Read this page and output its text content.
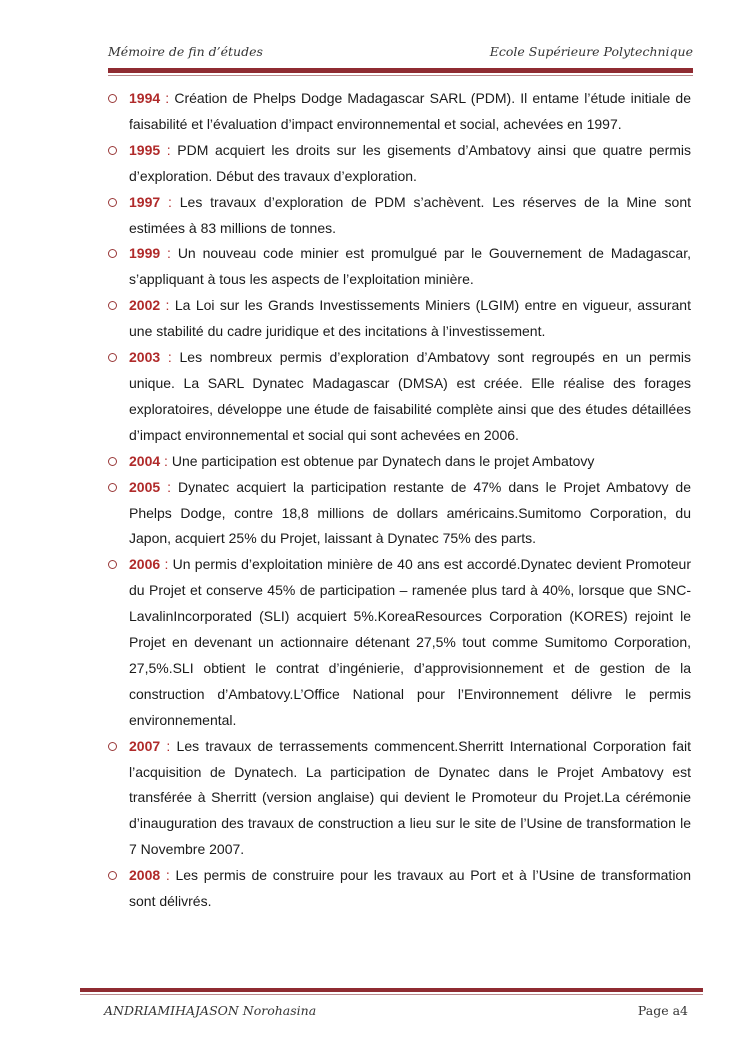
Mémoire de fin d’études	Ecole Supérieure Polytechnique
1994 : Création de Phelps Dodge Madagascar SARL (PDM). Il entame l’étude initiale de faisabilité et l’évaluation d’impact environnemental et social, achevées en 1997.
1995 : PDM acquiert les droits sur les gisements d’Ambatovy ainsi que quatre permis d’exploration. Début des travaux d’exploration.
1997 : Les travaux d’exploration de PDM s’achèvent. Les réserves de la Mine sont estimées à 83 millions de tonnes.
1999 : Un nouveau code minier est promulgué par le Gouvernement de Madagascar, s’appliquant à tous les aspects de l’exploitation minière.
2002 : La Loi sur les Grands Investissements Miniers (LGIM) entre en vigueur, assurant une stabilité du cadre juridique et des incitations à l’investissement.
2003 : Les nombreux permis d’exploration d’Ambatovy sont regroupés en un permis unique. La SARL Dynatec Madagascar (DMSA) est créée. Elle réalise des forages exploratoires, développe une étude de faisabilité complète ainsi que des études détaillées d’impact environnemental et social qui sont achevées en 2006.
2004 : Une participation est obtenue par Dynatech dans le projet Ambatovy
2005 : Dynatec acquiert la participation restante de 47% dans le Projet Ambatovy de Phelps Dodge, contre 18,8 millions de dollars américains.Sumitomo Corporation, du Japon, acquiert 25% du Projet, laissant à Dynatec 75% des parts.
2006 : Un permis d’exploitation minière de 40 ans est accordé.Dynatec devient Promoteur du Projet et conserve 45% de participation – ramenée plus tard à 40%, lorsque que SNC-LavalinIncorporated (SLI) acquiert 5%.KoreaResources Corporation (KORES) rejoint le Projet en devenant un actionnaire détenant 27,5% tout comme Sumitomo Corporation, 27,5%.SLI obtient le contrat d’ingénierie, d’approvisionnement et de gestion de la construction d’Ambatovy.L’Office National pour l’Environnement délivre le permis environnemental.
2007 : Les travaux de terrassements commencent.Sherritt International Corporation fait l’acquisition de Dynatech. La participation de Dynatec dans le Projet Ambatovy est transférée à Sherritt (version anglaise) qui devient le Promoteur du Projet.La cérémonie d’inauguration des travaux de construction a lieu sur le site de l’Usine de transformation le 7 Novembre 2007.
2008 : Les permis de construire pour les travaux au Port et à l’Usine de transformation sont délivrés.
ANDRIAMIHAJASON Norohasina	Page a4
